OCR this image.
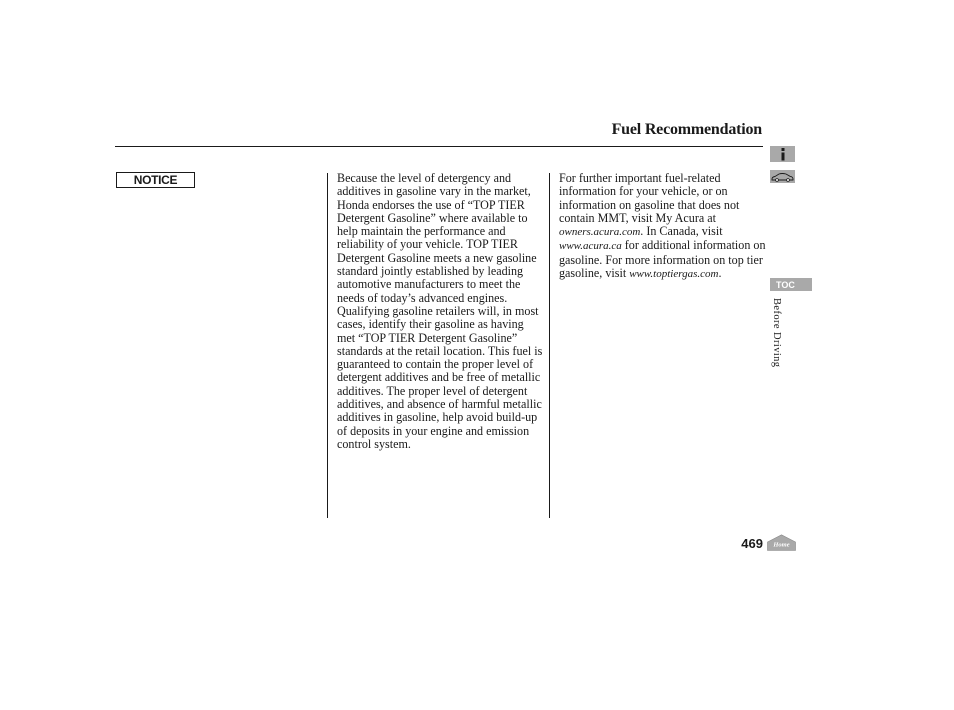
Fuel Recommendation
NOTICE	Because the level of detergency and additives in gasoline vary in the market, Honda endorses the use of “TOP TIER Detergent Gasoline” where available to help maintain the performance and reliability of your vehicle. TOP TIER Detergent Gasoline meets a new gasoline standard jointly established by leading automotive manufacturers to meet the needs of today’s advanced engines. Qualifying gasoline retailers will, in most cases, identify their gasoline as having met “TOP TIER Detergent Gasoline” standards at the retail location. This fuel is guaranteed to contain the proper level of detergent additives and be free of metallic additives. The proper level of detergent additives, and absence of harmful metallic additives in gasoline, help avoid build-up of deposits in your engine and emission control system.

For further important fuel-related information for your vehicle, or on information on gasoline that does not contain MMT, visit My Acura at owners.acura.com. In Canada, visit www.acura.ca for additional information on gasoline. For more information on top tier gasoline, visit www.toptiergas.com.

TOC
Before Driving
469 Home
